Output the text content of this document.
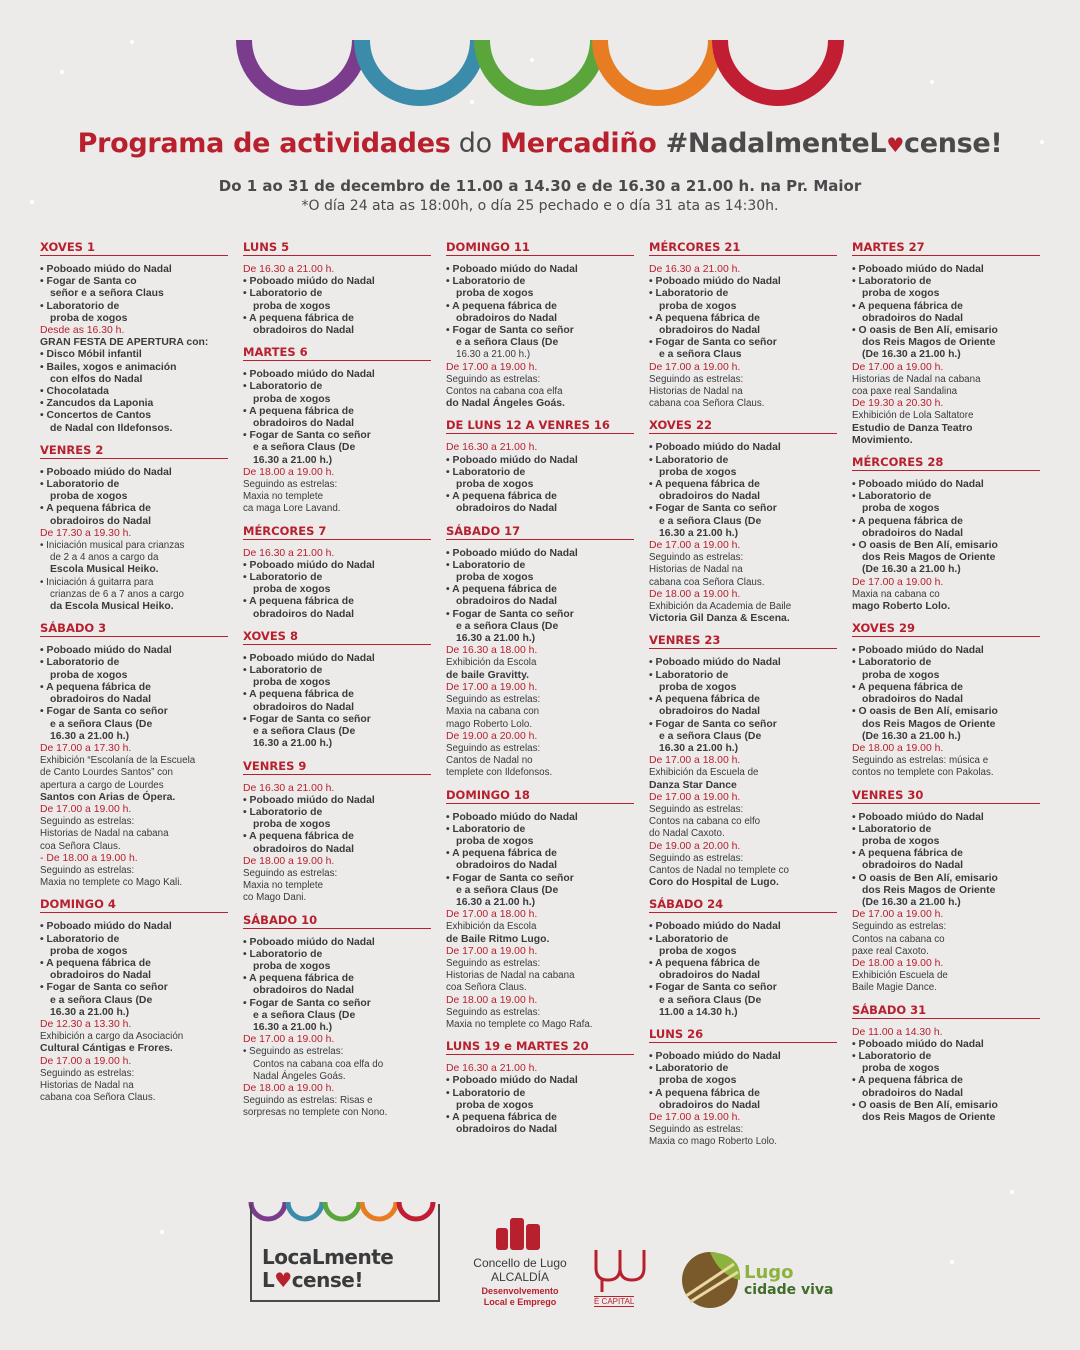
Programa de actividades do Mercadiño #NadalmenteL♥cense!
Do 1 ao 31 de decembro de 11.00 a 14.30 e de 16.30 a 21.00 h. na Pr. Maior
*O día 24 ata as 18:00h, o día 25 pechado e o día 31 ata as 14:30h.
XOVES 1
• Poboado miúdo do Nadal
• Fogar de Santa co
señor e a señora Claus
• Laboratorio de
proba de xogos
Desde as 16.30 h.
GRAN FESTA DE APERTURA con:
• Disco Móbil infantil
• Bailes, xogos e animación
con elfos do Nadal
• Chocolatada
• Zancudos da Laponia
• Concertos de Cantos
de Nadal con Ildefonsos.
VENRES 2
• Poboado miúdo do Nadal
• Laboratorio de
proba de xogos
• A pequena fábrica de
obradoiros do Nadal
De 17.30 a 19.30 h.
• Iniciación musical para crianzas
de 2 a 4 anos a cargo da
Escola Musical Heiko.
• Iniciación á guitarra para
crianzas de 6 a 7 anos a cargo
da Escola Musical Heiko.
SÁBADO 3
• Poboado miúdo do Nadal
• Laboratorio de
proba de xogos
• A pequena fábrica de
obradoiros do Nadal
• Fogar de Santa co señor
e a señora Claus (De
16.30 a 21.00 h.)
De 17.00 a 17.30 h.
Exhibición “Escolanía de la Escuela
de Canto Lourdes Santos” con
apertura a cargo de Lourdes
Santos con Arias de Ópera.
De 17.00 a 19.00 h.
Seguindo as estrelas:
Historias de Nadal na cabana
coa Señora Claus.
- De 18.00 a 19.00 h.
Seguindo as estrelas:
Maxia no templete co Mago Kali.
DOMINGO 4
• Poboado miúdo do Nadal
• Laboratorio de
proba de xogos
• A pequena fábrica de
obradoiros do Nadal
• Fogar de Santa co señor
e a señora Claus (De
16.30 a 21.00 h.)
De 12.30 a 13.30 h.
Exhibición a cargo da Asociación
Cultural Cántigas e Frores.
De 17.00 a 19.00 h.
Seguindo as estrelas:
Historias de Nadal na
cabana coa Señora Claus.
LUNS 5
De 16.30 a 21.00 h.
• Poboado miúdo do Nadal
• Laboratorio de
proba de xogos
• A pequena fábrica de
obradoiros do Nadal
MARTES 6
• Poboado miúdo do Nadal
• Laboratorio de
proba de xogos
• A pequena fábrica de
obradoiros do Nadal
• Fogar de Santa co señor
e a señora Claus (De
16.30 a 21.00 h.)
De 18.00 a 19.00 h.
Seguindo as estrelas:
Maxia no templete
ca maga Lore Lavand.
MÉRCORES 7
De 16.30 a 21.00 h.
• Poboado miúdo do Nadal
• Laboratorio de
proba de xogos
• A pequena fábrica de
obradoiros do Nadal
XOVES 8
• Poboado miúdo do Nadal
• Laboratorio de
proba de xogos
• A pequena fábrica de
obradoiros do Nadal
• Fogar de Santa co señor
e a señora Claus (De
16.30 a 21.00 h.)
VENRES 9
De 16.30 a 21.00 h.
• Poboado miúdo do Nadal
• Laboratorio de
proba de xogos
• A pequena fábrica de
obradoiros do Nadal
De 18.00 a 19.00 h.
Seguindo as estrelas:
Maxia no templete
co Mago Dani.
SÁBADO 10
• Poboado miúdo do Nadal
• Laboratorio de
proba de xogos
• A pequena fábrica de
obradoiros do Nadal
• Fogar de Santa co señor
e a señora Claus (De
16.30 a 21.00 h.)
De 17.00 a 19.00 h.
• Seguindo as estrelas:
Contos na cabana coa elfa do
Nadal Ángeles Goás.
De 18.00 a 19.00 h.
Seguindo as estrelas: Risas e
sorpresas no templete con Nono.
DOMINGO 11
• Poboado miúdo do Nadal
• Laboratorio de
proba de xogos
• A pequena fábrica de
obradoiros do Nadal
• Fogar de Santa co señor
e a señora Claus (De
16.30 a 21.00 h.)
De 17.00 a 19.00 h.
Seguindo as estrelas:
Contos na cabana coa elfa
do Nadal Ángeles Goás.
DE LUNS 12 A VENRES 16
De 16.30 a 21.00 h.
• Poboado miúdo do Nadal
• Laboratorio de
proba de xogos
• A pequena fábrica de
obradoiros do Nadal
SÁBADO 17
• Poboado miúdo do Nadal
• Laboratorio de
proba de xogos
• A pequena fábrica de
obradoiros do Nadal
• Fogar de Santa co señor
e a señora Claus (De
16.30 a 21.00 h.)
De 16.30 a 18.00 h.
Exhibición da Escola
de baile Gravitty.
De 17.00 a 19.00 h.
Seguindo as estrelas:
Maxia na cabana con
mago Roberto Lolo.
De 19.00 a 20.00 h.
Seguindo as estrelas:
Cantos de Nadal no
templete con Ildefonsos.
DOMINGO 18
• Poboado miúdo do Nadal
• Laboratorio de
proba de xogos
• A pequena fábrica de
obradoiros do Nadal
• Fogar de Santa co señor
e a señora Claus (De
16.30 a 21.00 h.)
De 17.00 a 18.00 h.
Exhibición da Escola
de Baile Ritmo Lugo.
De 17.00 a 19.00 h.
Seguindo as estrelas:
Historias de Nadal na cabana
coa Señora Claus.
De 18.00 a 19.00 h.
Seguindo as estrelas:
Maxia no templete co Mago Rafa.
LUNS 19 e MARTES 20
De 16.30 a 21.00 h.
• Poboado miúdo do Nadal
• Laboratorio de
proba de xogos
• A pequena fábrica de
obradoiros do Nadal
MÉRCORES 21
De 16.30 a 21.00 h.
• Poboado miúdo do Nadal
• Laboratorio de
proba de xogos
• A pequena fábrica de
obradoiros do Nadal
• Fogar de Santa co señor
e a señora Claus
De 17.00 a 19.00 h.
Seguindo as estrelas:
Historias de Nadal na
cabana coa Señora Claus.
XOVES 22
• Poboado miúdo do Nadal
• Laboratorio de
proba de xogos
• A pequena fábrica de
obradoiros do Nadal
• Fogar de Santa co señor
e a señora Claus (De
16.30 a 21.00 h.)
De 17.00 a 19.00 h.
Seguindo as estrelas:
Historias de Nadal na
cabana coa Señora Claus.
De 18.00 a 19.00 h.
Exhibición da Academia de Baile
Victoria Gil Danza & Escena.
VENRES 23
• Poboado miúdo do Nadal
• Laboratorio de
proba de xogos
• A pequena fábrica de
obradoiros do Nadal
• Fogar de Santa co señor
e a señora Claus (De
16.30 a 21.00 h.)
De 17.00 a 18.00 h.
Exhibición da Escuela de
Danza Star Dance
De 17.00 a 19.00 h.
Seguindo as estrelas:
Contos na cabana co elfo
do Nadal Caxoto.
De 19.00 a 20.00 h.
Seguindo as estrelas:
Cantos de Nadal no templete co
Coro do Hospital de Lugo.
SÁBADO 24
• Poboado miúdo do Nadal
• Laboratorio de
proba de xogos
• A pequena fábrica de
obradoiros do Nadal
• Fogar de Santa co señor
e a señora Claus (De
11.00 a 14.30 h.)
LUNS 26
• Poboado miúdo do Nadal
• Laboratorio de
proba de xogos
• A pequena fábrica de
obradoiros do Nadal
De 17.00 a 19.00 h.
Seguindo as estrelas:
Maxia co mago Roberto Lolo.
MARTES 27
• Poboado miúdo do Nadal
• Laboratorio de
proba de xogos
• A pequena fábrica de
obradoiros do Nadal
• O oasis de Ben Alí, emisario
dos Reis Magos de Oriente
(De 16.30 a 21.00 h.)
De 17.00 a 19.00 h.
Historias de Nadal na cabana
coa paxe real Sandalina
De 19.30 a 20.30 h.
Exhibición de Lola Saltatore
Estudio de Danza Teatro
Movimiento.
MÉRCORES 28
• Poboado miúdo do Nadal
• Laboratorio de
proba de xogos
• A pequena fábrica de
obradoiros do Nadal
• O oasis de Ben Alí, emisario
dos Reis Magos de Oriente
(De 16.30 a 21.00 h.)
De 17.00 a 19.00 h.
Maxia na cabana co
mago Roberto Lolo.
XOVES 29
• Poboado miúdo do Nadal
• Laboratorio de
proba de xogos
• A pequena fábrica de
obradoiros do Nadal
• O oasis de Ben Alí, emisario
dos Reis Magos de Oriente
(De 16.30 a 21.00 h.)
De 18.00 a 19.00 h.
Seguindo as estrelas: música e
contos no templete con Pakolas.
VENRES 30
• Poboado miúdo do Nadal
• Laboratorio de
proba de xogos
• A pequena fábrica de
obradoiros do Nadal
• O oasis de Ben Alí, emisario
dos Reis Magos de Oriente
(De 16.30 a 21.00 h.)
De 17.00 a 19.00 h.
Seguindo as estrelas:
Contos na cabana co
paxe real Caxoto.
De 18.00 a 19.00 h.
Exhibición Escuela de
Baile Magie Dance.
SÁBADO 31
De 11.00 a 14.30 h.
• Poboado miúdo do Nadal
• Laboratorio de
proba de xogos
• A pequena fábrica de
obradoiros do Nadal
• O oasis de Ben Alí, emisario
dos Reis Magos de Oriente
LocaLmente
L♥cense!
Concello de Lugo
ALCALDÍA
Desenvolvemento
Local e Emprego	É CAPITAL
Lugo
cidade viva
